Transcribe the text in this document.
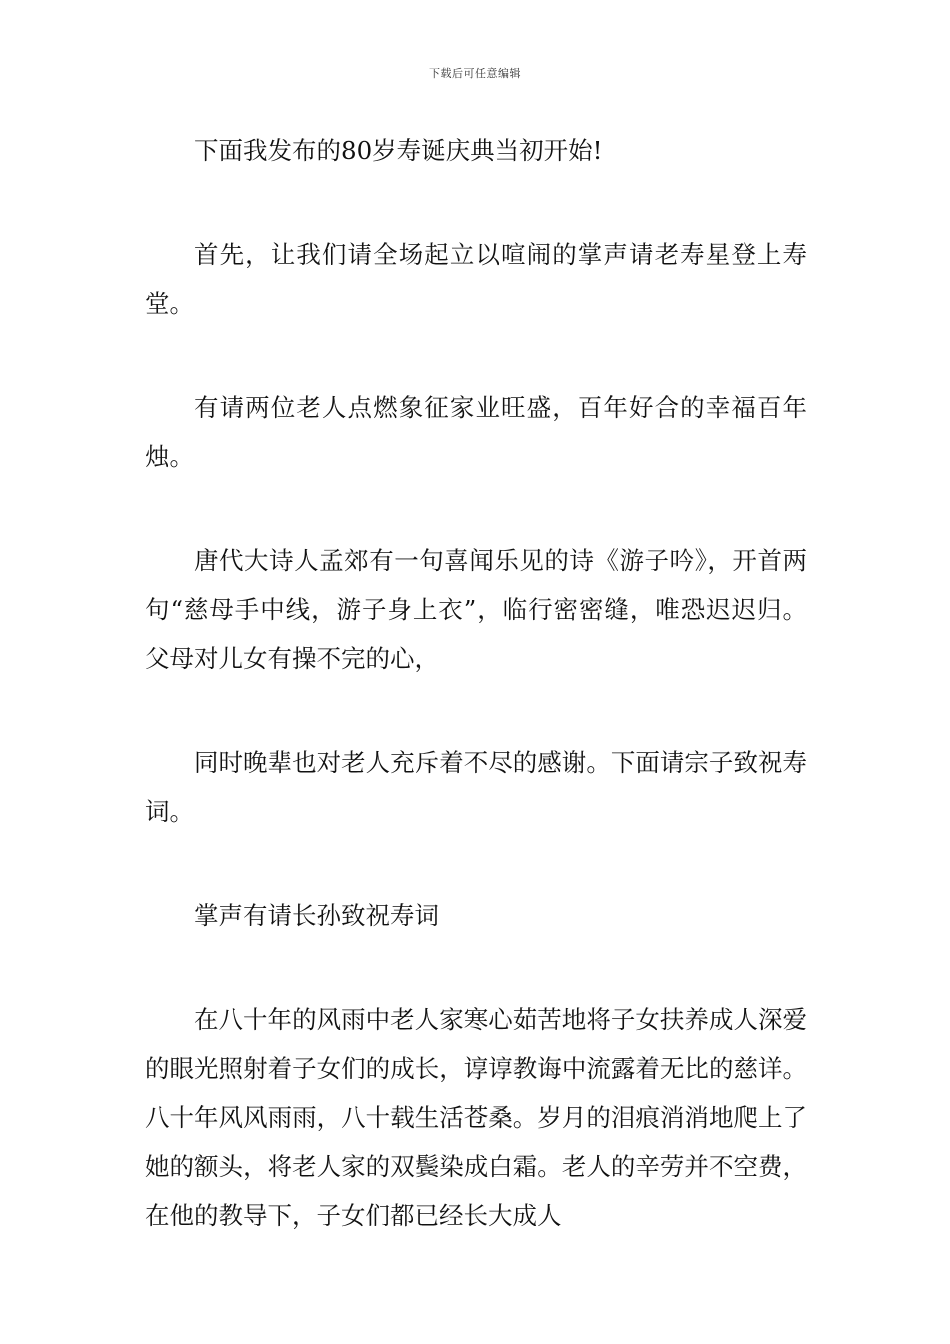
下载后可任意编辑

下面我发布的80岁寿诞庆典当初开始!

首先，让我们请全场起立以喧闹的掌声请老寿星登上寿堂。

有请两位老人点燃象征家业旺盛，百年好合的幸福百年烛。

唐代大诗人孟郊有一句喜闻乐见的诗《游子吟》，开首两句“慈母手中线，游子身上衣”，临行密密缝，唯恐迟迟归。父母对儿女有操不完的心，

同时晚辈也对老人充斥着不尽的感谢。下面请宗子致祝寿词。

掌声有请长孙致祝寿词

在八十年的风雨中老人家寒心茹苦地将子女扶养成人深爱的眼光照射着子女们的成长，谆谆教诲中流露着无比的慈详。八十年风风雨雨，八十载生活苍桑。岁月的泪痕消消地爬上了她的额头，将老人家的双鬓染成白霜。老人的辛劳并不空费，在他的教导下，子女们都已经长大成人
